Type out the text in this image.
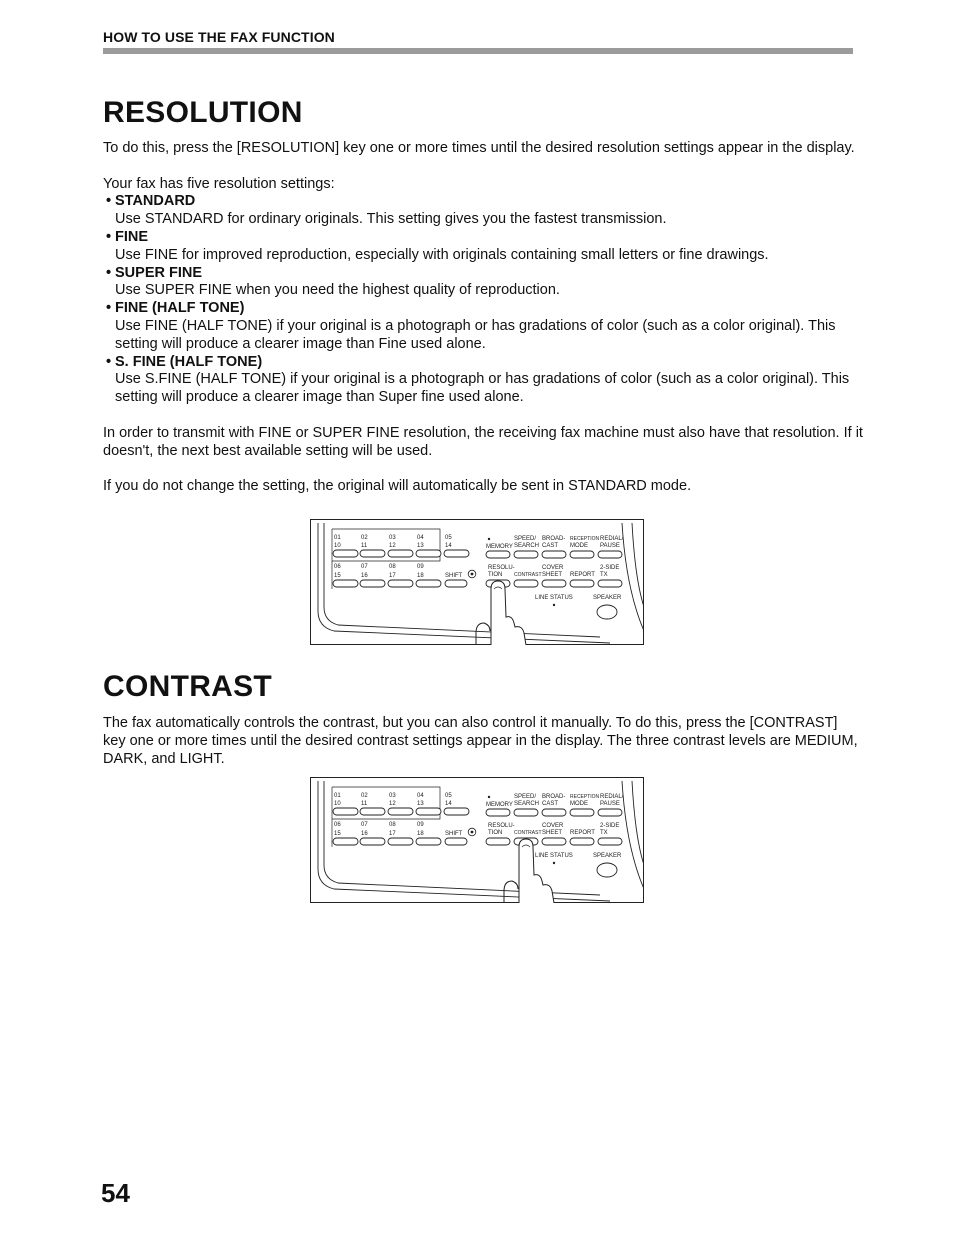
HOW TO USE THE FAX FUNCTION
RESOLUTION

To do this, press the [RESOLUTION] key one or more times until the desired resolution settings appear in the display.

Your fax has five resolution settings:

• STANDARD
Use STANDARD for ordinary originals. This setting gives you the fastest transmission.
• FINE
Use FINE for improved reproduction, especially with originals containing small letters or fine drawings.
• SUPER FINE
Use SUPER FINE when you need the highest quality of reproduction.
• FINE (HALF TONE)
Use FINE (HALF TONE) if your original is a photograph or has gradations of color (such as a color original). This setting will produce a clearer image than Fine used alone.
• S. FINE (HALF TONE)
Use S.FINE (HALF TONE) if your original is a photograph or has gradations of color (such as a color original). This setting will produce a clearer image than Super fine used alone.

In order to transmit with FINE or SUPER FINE resolution, the receiving fax machine must also have that resolution. If it doesn't, the next best available setting will be used.

If you do not change the setting, the original will automatically be sent in STANDARD mode.

01	02	03	04	05
10	11	12	13	14
06	07	08	09
15	16	17	18	SHIFT
MEMORY
SPEED/
SEARCH
BROAD-
CAST
RECEPTION
MODE
REDIAL/
PAUSE
RESOLU-
TION CONTRAST
COVER
SHEET REPORT
2-SIDE
TX
LINE STATUS	SPEAKER
CONTRAST

The fax automatically controls the contrast, but you can also control it manually. To do this, press the [CONTRAST] key one or more times until the desired contrast settings appear in the display. The three contrast levels are MEDIUM, DARK, and LIGHT.

01	02	03	04	05
10	11	12	13	14
06	07	08	09
15	16	17	18	SHIFT
MEMORY
SPEED/
SEARCH
BROAD-
CAST
RECEPTION
MODE
REDIAL/
PAUSE
RESOLU-
TION CONTRAST
COVER
SHEET REPORT
2-SIDE
TX
LINE STATUS	SPEAKER
54
